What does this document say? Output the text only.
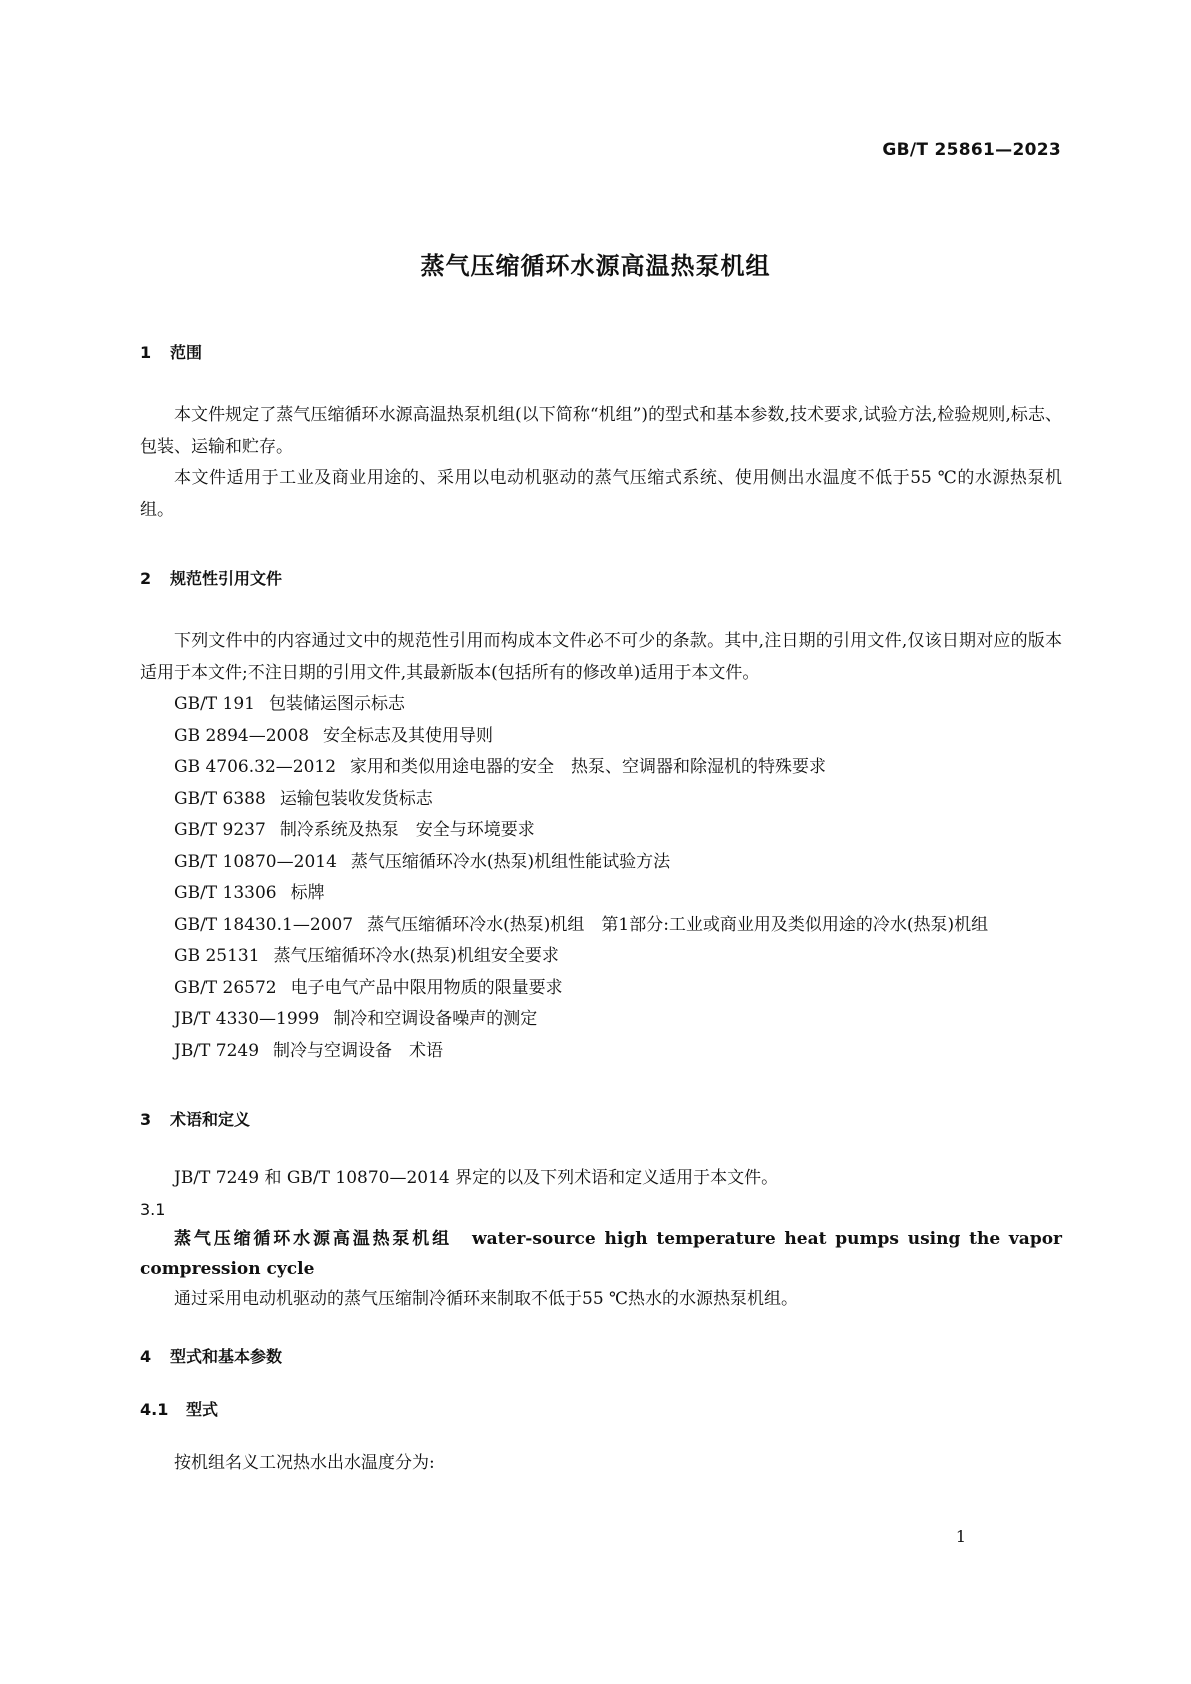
GB/T 25861—2023
蒸气压缩循环水源高温热泵机组
1 范围
本文件规定了蒸气压缩循环水源高温热泵机组(以下简称“机组”)的型式和基本参数,技术要求,试验方法,检验规则,标志、包装、运输和贮存。
本文件适用于工业及商业用途的、采用以电动机驱动的蒸气压缩式系统、使用侧出水温度不低于55 ℃的水源热泵机组。
2 规范性引用文件
下列文件中的内容通过文中的规范性引用而构成本文件必不可少的条款。其中,注日期的引用文件,仅该日期对应的版本适用于本文件;不注日期的引用文件,其最新版本(包括所有的修改单)适用于本文件。
GB/T 191 包装储运图示标志
GB 2894—2008 安全标志及其使用导则
GB 4706.32—2012 家用和类似用途电器的安全　热泵、空调器和除湿机的特殊要求
GB/T 6388 运输包装收发货标志
GB/T 9237 制冷系统及热泵　安全与环境要求
GB/T 10870—2014 蒸气压缩循环冷水(热泵)机组性能试验方法
GB/T 13306 标牌
GB/T 18430.1—2007 蒸气压缩循环冷水(热泵)机组　第1部分:工业或商业用及类似用途的冷水(热泵)机组
GB 25131 蒸气压缩循环冷水(热泵)机组安全要求
GB/T 26572 电子电气产品中限用物质的限量要求
JB/T 4330—1999 制冷和空调设备噪声的测定
JB/T 7249 制冷与空调设备　术语
3 术语和定义
JB/T 7249 和 GB/T 10870—2014 界定的以及下列术语和定义适用于本文件。
3.1
蒸气压缩循环水源高温热泵机组 water-source high temperature heat pumps using the vapor compression cycle
通过采用电动机驱动的蒸气压缩制冷循环来制取不低于55 ℃热水的水源热泵机组。
4 型式和基本参数
4.1 型式
按机组名义工况热水出水温度分为:
1
